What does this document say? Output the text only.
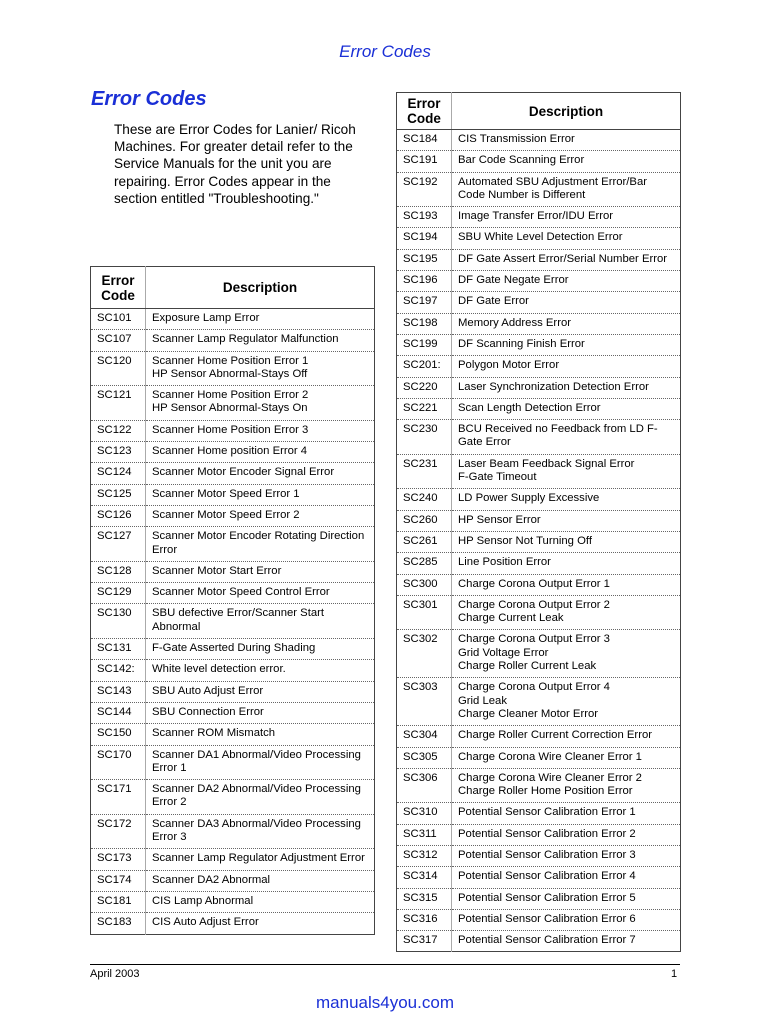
Error Codes
Error Codes
These are Error Codes for Lanier/ Ricoh Machines. For greater detail refer to the Service Manuals for the unit you are repairing. Error Codes appear in the section entitled "Troubleshooting."
Error Code	Description
SC101	Exposure Lamp Error
SC107	Scanner Lamp Regulator Malfunction
SC120	Scanner Home Position Error 1
HP Sensor Abnormal-Stays Off
SC121	Scanner Home Position Error 2
HP Sensor Abnormal-Stays On
SC122	Scanner Home Position Error 3
SC123	Scanner Home position Error 4
SC124	Scanner Motor Encoder Signal Error
SC125	Scanner Motor Speed Error 1
SC126	Scanner Motor Speed Error 2
SC127	Scanner Motor Encoder Rotating Direction Error
SC128	Scanner Motor Start Error
SC129	Scanner Motor Speed Control Error
SC130	SBU defective Error/Scanner Start Abnormal
SC131	F-Gate Asserted During Shading
SC142:	White level detection error.
SC143	SBU Auto Adjust Error
SC144	SBU Connection Error
SC150	Scanner ROM Mismatch
SC170	Scanner DA1 Abnormal/Video Processing Error 1
SC171	Scanner DA2 Abnormal/Video Processing Error 2
SC172	Scanner DA3 Abnormal/Video Processing Error 3
SC173	Scanner Lamp Regulator Adjustment Error
SC174	Scanner DA2 Abnormal
SC181	CIS Lamp Abnormal
SC183	CIS Auto Adjust Error
Error Code	Description
SC184	CIS Transmission Error
SC191	Bar Code Scanning Error
SC192	Automated SBU Adjustment Error/Bar Code Number is Different
SC193	Image Transfer Error/IDU Error
SC194	SBU White Level Detection Error
SC195	DF Gate Assert Error/Serial Number Error
SC196	DF Gate Negate Error
SC197	DF Gate Error
SC198	Memory Address Error
SC199	DF Scanning Finish Error
SC201:	Polygon Motor Error
SC220	Laser Synchronization Detection Error
SC221	Scan Length Detection Error
SC230	BCU Received no Feedback from LD F-Gate Error
SC231	Laser Beam Feedback Signal Error
F-Gate Timeout
SC240	LD Power Supply Excessive
SC260	HP Sensor Error
SC261	HP Sensor Not Turning Off
SC285	Line Position Error
SC300	Charge Corona Output Error 1
SC301	Charge Corona Output Error 2
Charge Current Leak
SC302	Charge Corona Output Error 3
Grid Voltage Error
Charge Roller Current Leak
SC303	Charge Corona Output Error 4
Grid Leak
Charge Cleaner Motor Error
SC304	Charge Roller Current Correction Error
SC305	Charge Corona Wire Cleaner Error 1
SC306	Charge Corona Wire Cleaner Error 2
Charge Roller Home Position Error
SC310	Potential Sensor Calibration Error 1
SC311	Potential Sensor Calibration Error 2
SC312	Potential Sensor Calibration Error 3
SC314	Potential Sensor Calibration Error 4
SC315	Potential Sensor Calibration Error 5
SC316	Potential Sensor Calibration Error 6
SC317	Potential Sensor Calibration Error 7
April 2003	1
manuals4you.com
